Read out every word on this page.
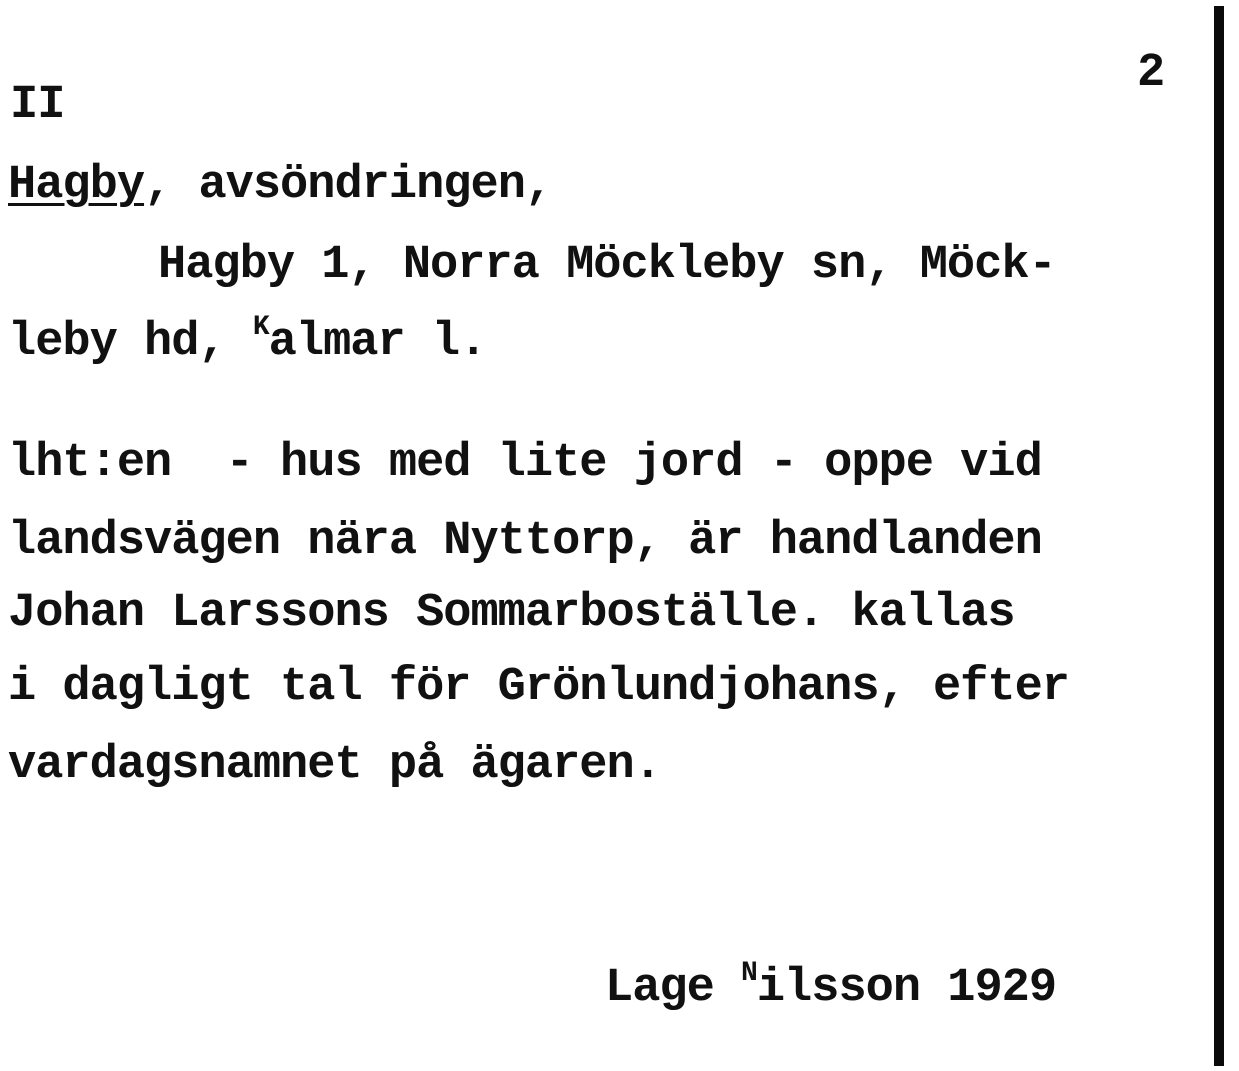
2
II
Hagby, avsöndringen,
Hagby 1, Norra Möckleby sn, Möck-
leby hd, $^K$almar l.
lht:en  - hus med lite jord - oppe vid
landsvägen nära Nyttorp, är handlanden
Johan Larssons Sommarboställe. kallas
i dagligt tal för Grönlundjohans, efter
vardagsnamnet på ägaren.
Lage $^N$ilsson 1929
